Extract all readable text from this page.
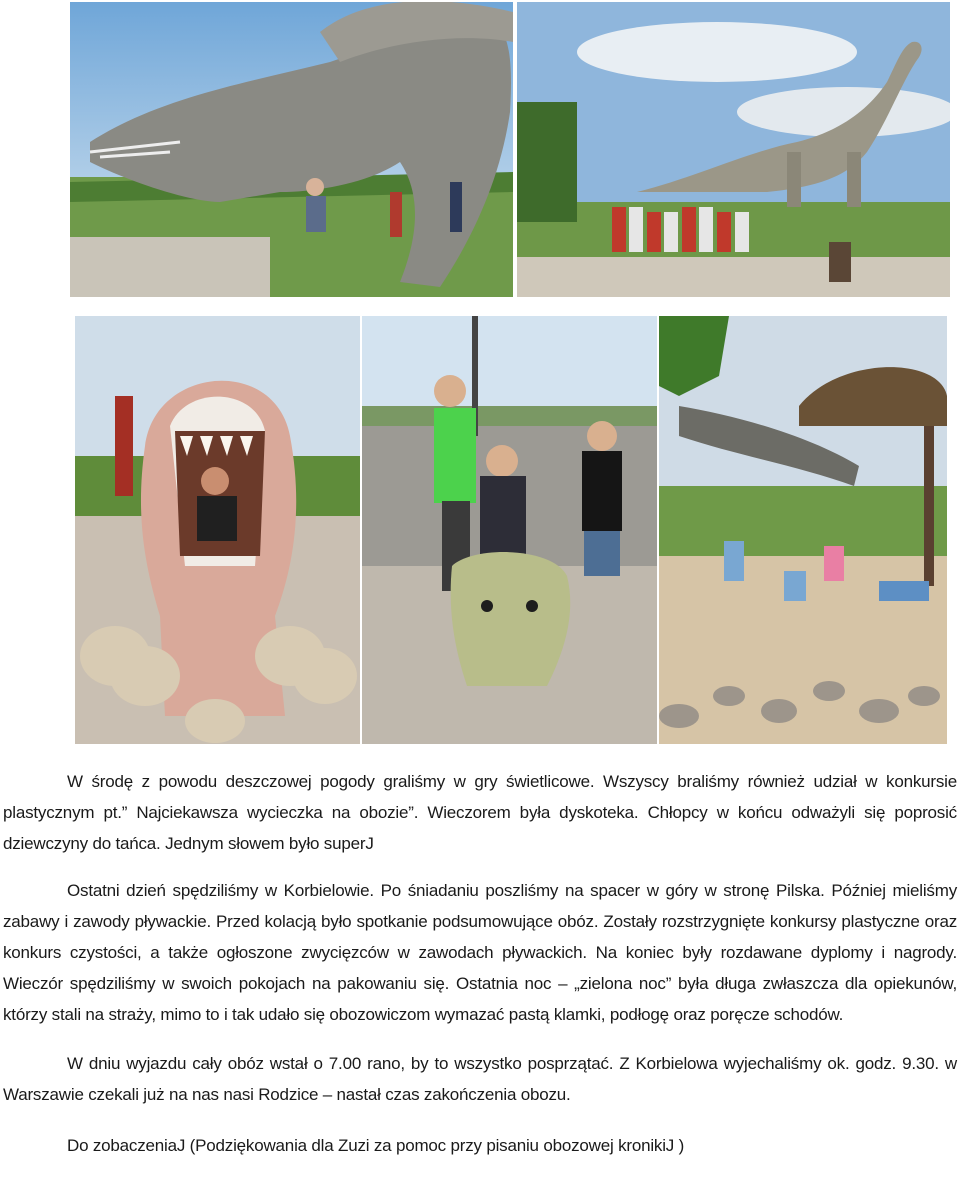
W środę z powodu deszczowej pogody graliśmy w gry świetlicowe. Wszyscy braliśmy również udział w konkursie plastycznym pt.” Najciekawsza wycieczka na obozie”. Wieczorem była dyskoteka. Chłopcy w końcu odważyli się poprosić dziewczyny do tańca. Jednym słowem było superJ

Ostatni dzień spędziliśmy w Korbielowie. Po śniadaniu poszliśmy na spacer w góry w stronę Pilska. Później mieliśmy zabawy i zawody pływackie. Przed kolacją było spotkanie podsumowujące obóz. Zostały rozstrzygnięte konkursy plastyczne oraz konkurs czystości, a także ogłoszone zwycięzców w zawodach pływackich. Na koniec były rozdawane dyplomy i nagrody. Wieczór spędziliśmy w swoich pokojach na pakowaniu się. Ostatnia noc – „zielona noc” była długa zwłaszcza dla opiekunów, którzy stali na straży, mimo to i tak udało się obozowiczom wymazać pastą klamki, podłogę oraz poręcze schodów.

W dniu wyjazdu cały obóz wstał o 7.00 rano, by to wszystko posprzątać. Z Korbielowa wyjechaliśmy ok. godz. 9.30. w Warszawie czekali już na nas nasi Rodzice – nastał czas zakończenia obozu.

Do zobaczeniaJ (Podziękowania dla Zuzi za pomoc przy pisaniu obozowej kronikiJ )
